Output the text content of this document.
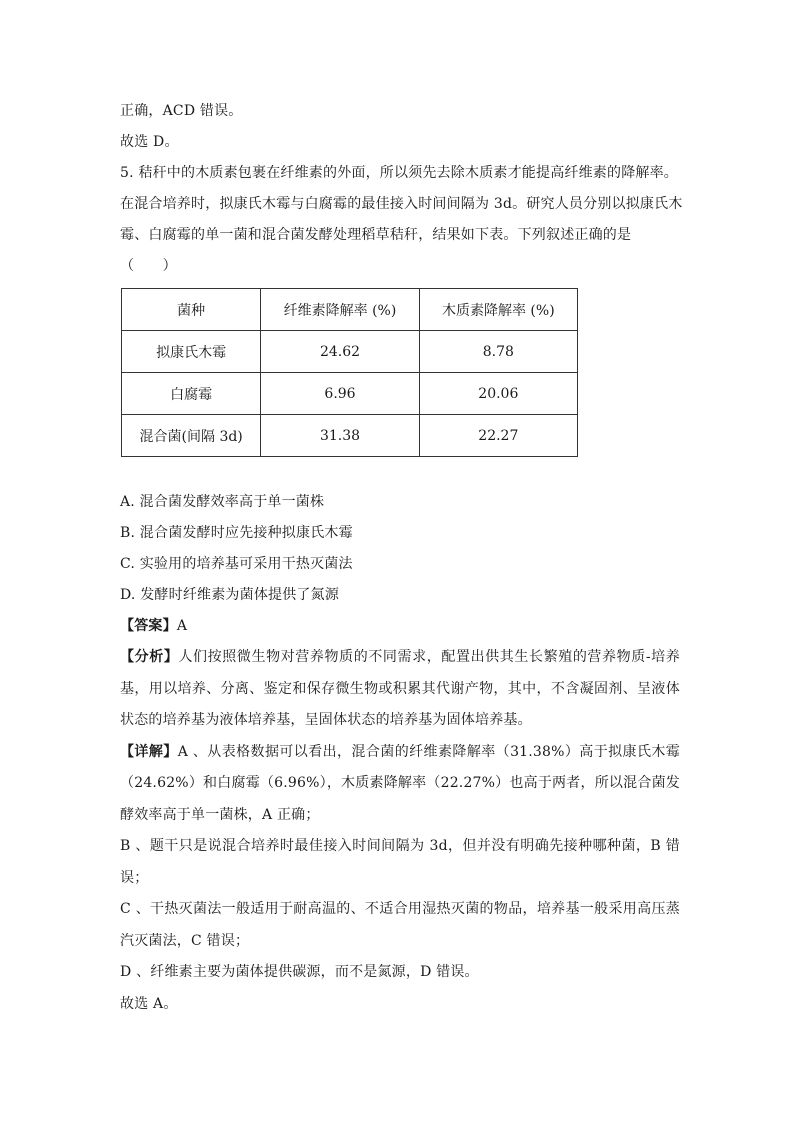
正确，ACD 错误。
故选 D。
5. 秸秆中的木质素包裹在纤维素的外面，所以须先去除木质素才能提高纤维素的降解率。
在混合培养时，拟康氏木霉与白腐霉的最佳接入时间间隔为 3d。研究人员分别以拟康氏木
霉、白腐霉的单一菌和混合菌发酵处理稻草秸秆，结果如下表。下列叙述正确的是
（　　）
菌种	纤维素降解率 (%)	木质素降解率 (%)
拟康氏木霉	24.62	8.78
白腐霉	6.96	20.06
混合菌(间隔 3d)	31.38	22.27
A. 混合菌发酵效率高于单一菌株
B. 混合菌发酵时应先接种拟康氏木霉
C. 实验用的培养基可采用干热灭菌法
D. 发酵时纤维素为菌体提供了氮源
【答案】A
【分析】人们按照微生物对营养物质的不同需求，配置出供其生长繁殖的营养物质-培养基，用以培养、分离、鉴定和保存微生物或积累其代谢产物，其中，不含凝固剂、呈液体状态的培养基为液体培养基，呈固体状态的培养基为固体培养基。
【详解】A 、从表格数据可以看出，混合菌的纤维素降解率（31.38%）高于拟康氏木霉（24.62%）和白腐霉（6.96%），木质素降解率（22.27%）也高于两者，所以混合菌发酵效率高于单一菌株，A 正确；
B 、题干只是说混合培养时最佳接入时间间隔为 3d，但并没有明确先接种哪种菌，B 错误；
C 、干热灭菌法一般适用于耐高温的、不适合用湿热灭菌的物品，培养基一般采用高压蒸汽灭菌法，C 错误；
D 、纤维素主要为菌体提供碳源，而不是氮源，D 错误。
故选 A。
